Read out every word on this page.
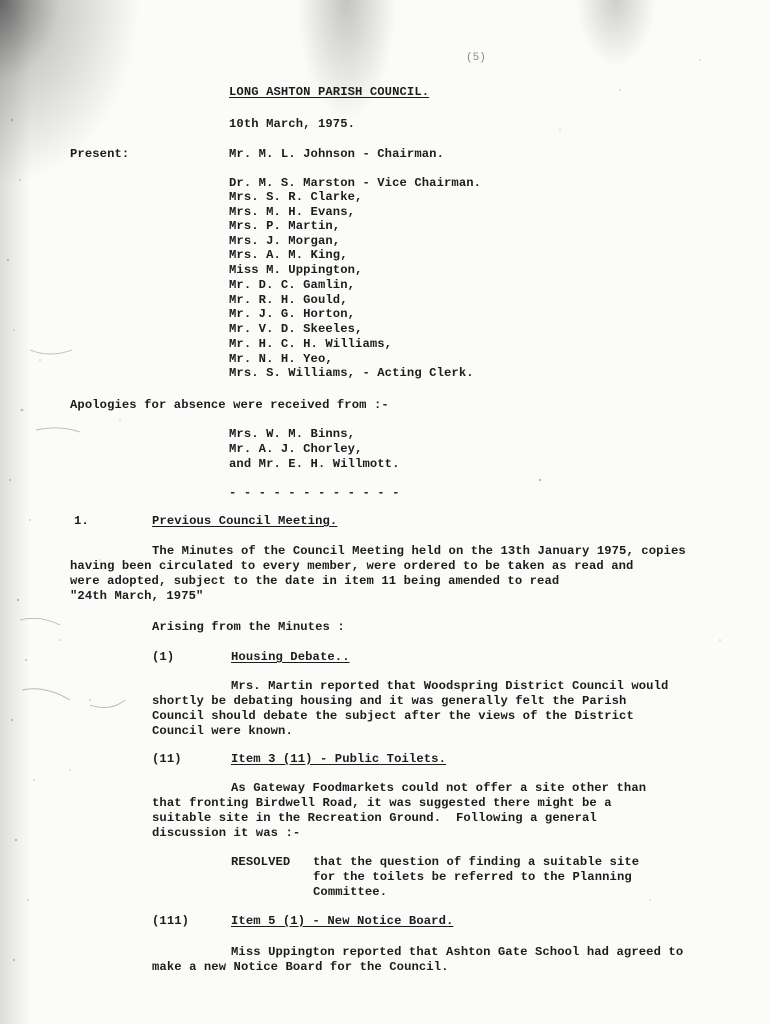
(5)
LONG ASHTON PARISH COUNCIL.
10th March, 1975.
Present:	Mr. M. L. Johnson - Chairman.
Dr. M. S. Marston - Vice Chairman.
Mrs. S. R. Clarke,
Mrs. M. H. Evans,
Mrs. P. Martin,
Mrs. J. Morgan,
Mrs. A. M. King,
Miss M. Uppington,
Mr. D. C. Gamlin,
Mr. R. H. Gould,
Mr. J. G. Horton,
Mr. V. D. Skeeles,
Mr. H. C. H. Williams,
Mr. N. H. Yeo,
Mrs. S. Williams, - Acting Clerk.
Apologies for absence were received from :-
Mrs. W. M. Binns,
Mr. A. J. Chorley,
and Mr. E. H. Willmott.
- - - - - - - - - - - -
1.	Previous Council Meeting.
The Minutes of the Council Meeting held on the 13th January 1975, copies
having been circulated to every member, were ordered to be taken as read and
were adopted, subject to the date in item 11 being amended to read
"24th March, 1975"
Arising from the Minutes :
(1)	Housing Debate..
Mrs. Martin reported that Woodspring District Council would
shortly be debating housing and it was generally felt the Parish
Council should debate the subject after the views of the District
Council were known.
(11)	Item 3 (11) - Public Toilets.
As Gateway Foodmarkets could not offer a site other than
that fronting Birdwell Road, it was suggested there might be a
suitable site in the Recreation Ground.  Following a general
discussion it was :-
RESOLVED that the question of finding a suitable site
for the toilets be referred to the Planning
Committee.
(111)	Item 5 (1) - New Notice Board.
Miss Uppington reported that Ashton Gate School had agreed to
make a new Notice Board for the Council.
